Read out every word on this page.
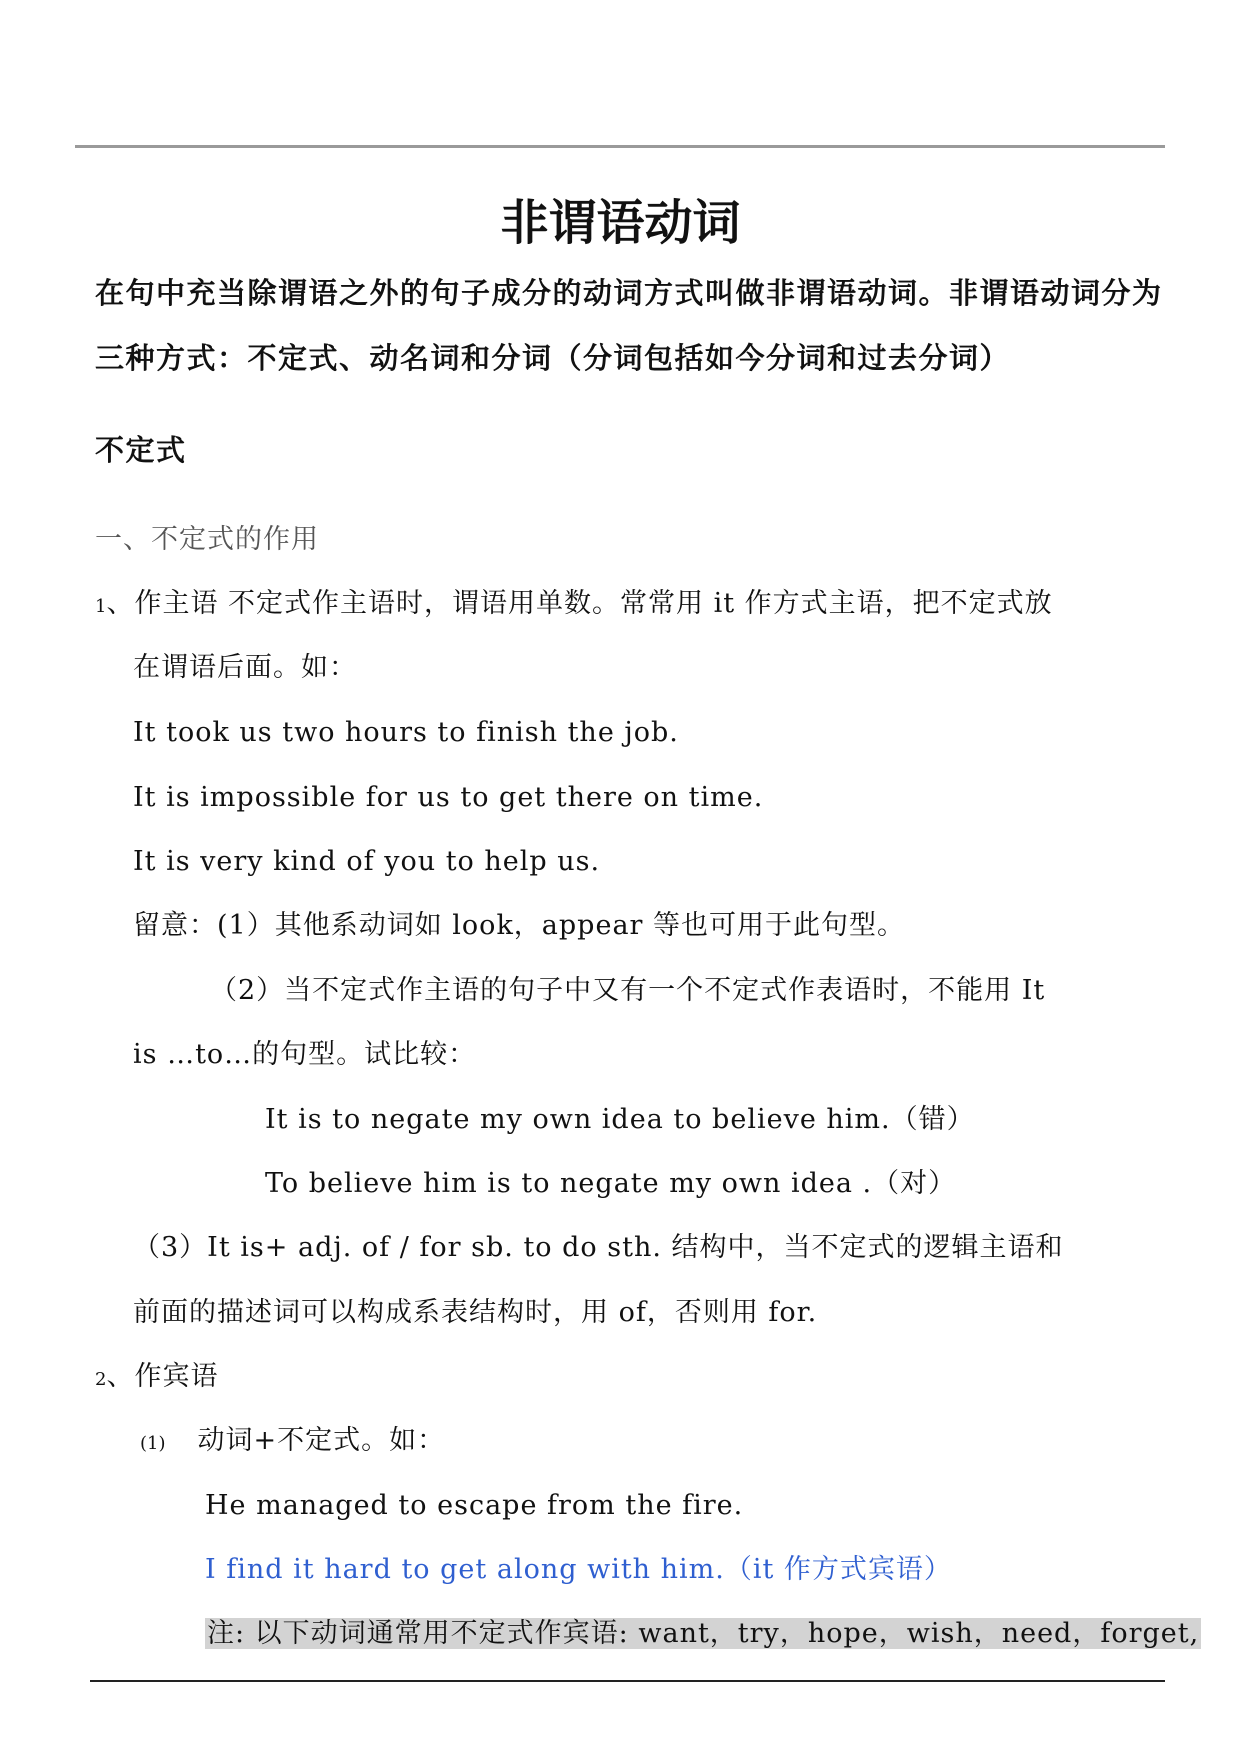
非谓语动词
在句中充当除谓语之外的句子成分的动词方式叫做非谓语动词。非谓语动词分为
三种方式：不定式、动名词和分词（分词包括如今分词和过去分词）
不定式
一、不定式的作用
1、作主语 不定式作主语时，谓语用单数。常常用 it 作方式主语，把不定式放
在谓语后面。如：
It took us two hours to finish the job.
It is impossible for us to get there on time.
It is very kind of you to help us.
留意：(1）其他系动词如 look，appear 等也可用于此句型。
（2）当不定式作主语的句子中又有一个不定式作表语时，不能用 It
is …to…的句型。试比较：
It is to negate my own idea to believe him.（错）
To believe him is to negate my own idea .（对）
（3）It is+ adj. of / for sb. to do sth. 结构中，当不定式的逻辑主语和
前面的描述词可以构成系表结构时，用 of，否则用 for.
2、作宾语
(1) 动词+不定式。如：
He managed to escape from the fire.
I find it hard to get along with him.（it 作方式宾语）
注: 以下动词通常用不定式作宾语: want，try，hope，wish，need，forget,
